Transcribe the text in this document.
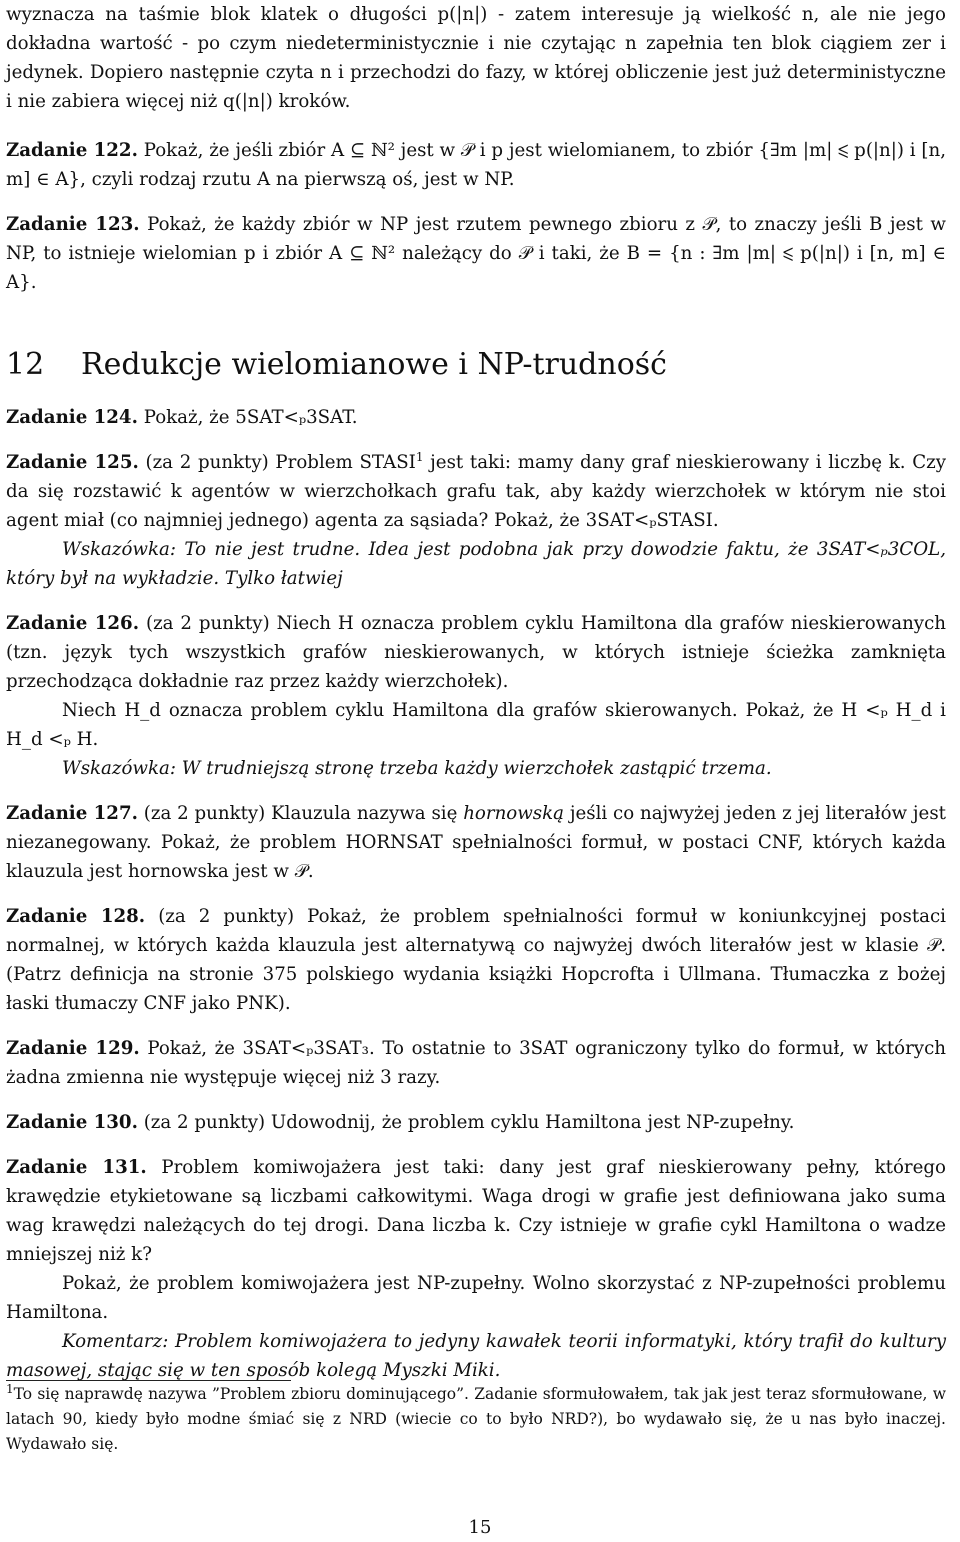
wyznacza na taśmie blok klatek o długości p(|n|) - zatem interesuje ją wielkość n, ale nie jego dokładna wartość - po czym niedeterministycznie i nie czytając n zapełnia ten blok ciągiem zer i jedynek. Dopiero następnie czyta n i przechodzi do fazy, w której obliczenie jest już deterministyczne i nie zabiera więcej niż q(|n|) kroków.

Zadanie 122. Pokaż, że jeśli zbiór A ⊆ ℕ² jest w 𝒫 i p jest wielomianem, to zbiór {∃m |m| ⩽ p(|n|) i [n, m] ∈ A}, czyli rodzaj rzutu A na pierwszą oś, jest w NP.

Zadanie 123. Pokaż, że każdy zbiór w NP jest rzutem pewnego zbioru z 𝒫, to znaczy jeśli B jest w NP, to istnieje wielomian p i zbiór A ⊆ ℕ² należący do 𝒫 i taki, że B = {n : ∃m |m| ⩽ p(|n|) i [n, m] ∈ A}.

12 Redukcje wielomianowe i NP-trudność

Zadanie 124. Pokaż, że 5SAT<ₚ3SAT.

Zadanie 125. (za 2 punkty) Problem STASI$^1$ jest taki: mamy dany graf nieskierowany i liczbę k. Czy da się rozstawić k agentów w wierzchołkach grafu tak, aby każdy wierzchołek w którym nie stoi agent miał (co najmniej jednego) agenta za sąsiada? Pokaż, że 3SAT<ₚSTASI.

Wskazówka: To nie jest trudne. Idea jest podobna jak przy dowodzie faktu, że 3SAT<ₚ3COL, który był na wykładzie. Tylko łatwiej

Zadanie 126. (za 2 punkty) Niech H oznacza problem cyklu Hamiltona dla grafów nieskierowanych (tzn. język tych wszystkich grafów nieskierowanych, w których istnieje ścieżka zamknięta przechodząca dokładnie raz przez każdy wierzchołek).

Niech H_d oznacza problem cyklu Hamiltona dla grafów skierowanych. Pokaż, że H <ₚ H_d i H_d <ₚ H.

Wskazówka: W trudniejszą stronę trzeba każdy wierzchołek zastąpić trzema.

Zadanie 127. (za 2 punkty) Klauzula nazywa się hornowską jeśli co najwyżej jeden z jej literałów jest niezanegowany. Pokaż, że problem HORNSAT spełnialności formuł, w postaci CNF, których każda klauzula jest hornowska jest w 𝒫.

Zadanie 128. (za 2 punkty) Pokaż, że problem spełnialności formuł w koniunkcyjnej postaci normalnej, w których każda klauzula jest alternatywą co najwyżej dwóch literałów jest w klasie 𝒫. (Patrz definicja na stronie 375 polskiego wydania książki Hopcrofta i Ullmana. Tłumaczka z bożej łaski tłumaczy CNF jako PNK).

Zadanie 129. Pokaż, że 3SAT<ₚ3SAT₃. To ostatnie to 3SAT ograniczony tylko do formuł, w których żadna zmienna nie występuje więcej niż 3 razy.

Zadanie 130. (za 2 punkty) Udowodnij, że problem cyklu Hamiltona jest NP-zupełny.

Zadanie 131. Problem komiwojażera jest taki: dany jest graf nieskierowany pełny, którego krawędzie etykietowane są liczbami całkowitymi. Waga drogi w grafie jest definiowana jako suma wag krawędzi należących do tej drogi. Dana liczba k. Czy istnieje w grafie cykl Hamiltona o wadze mniejszej niż k?

Pokaż, że problem komiwojażera jest NP-zupełny. Wolno skorzystać z NP-zupełności problemu Hamiltona.

Komentarz: Problem komiwojażera to jedyny kawałek teorii informatyki, który trafił do kultury masowej, stając się w ten sposób kolegą Myszki Miki.

$^1$To się naprawdę nazywa ”Problem zbioru dominującego”. Zadanie sformułowałem, tak jak jest teraz sformułowane, w latach 90, kiedy było modne śmiać się z NRD (wiecie co to było NRD?), bo wydawało się, że u nas było inaczej. Wydawało się.
15
